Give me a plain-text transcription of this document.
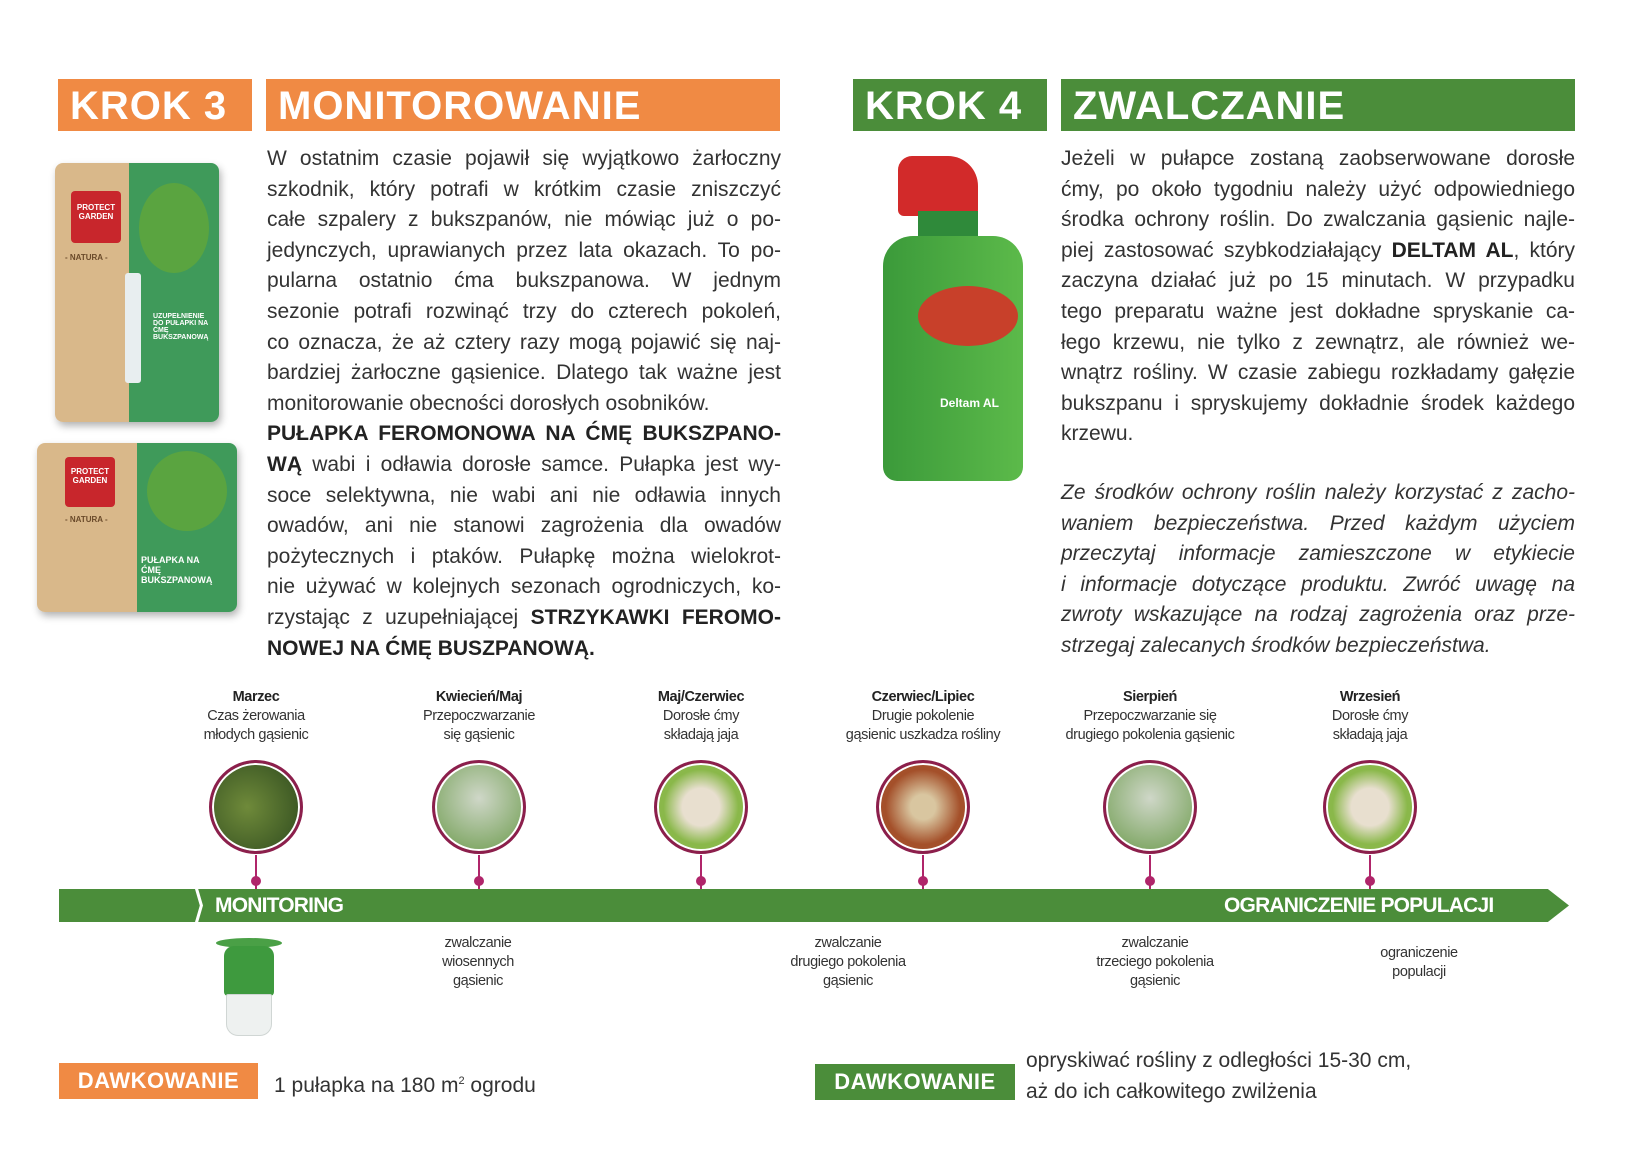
KROK 3	MONITOROWANIE	KROK 4	ZWALCZANIE
W ostatnim czasie pojawił się wyjątkowo żarłoczny
szkodnik, który potrafi w krótkim czasie zniszczyć
całe szpalery z bukszpanów, nie mówiąc już o po-
jedynczych, uprawianych przez lata okazach. To po-
pularna ostatnio ćma bukszpanowa. W jednym
sezonie potrafi rozwinąć trzy do czterech pokoleń,
co oznacza, że aż cztery razy mogą pojawić się naj-
bardziej żarłoczne gąsienice. Dlatego tak ważne jest
monitorowanie obecności dorosłych osobników.
PUŁAPKA FEROMONOWA NA ĆMĘ BUKSZPANO-
WĄ wabi i odławia dorosłe samce. Pułapka jest wy-
soce selektywna, nie wabi ani nie odławia innych
owadów, ani nie stanowi zagrożenia dla owadów
pożytecznych i ptaków. Pułapkę można wielokrot-
nie używać w kolejnych sezonach ogrodniczych, ko-
rzystając z uzupełniającej STRZYKAWKI FEROMO-
NOWEJ NA ĆMĘ BUSZPANOWĄ.
Jeżeli w pułapce zostaną zaobserwowane dorosłe
ćmy, po około tygodniu należy użyć odpowiedniego
środka ochrony roślin. Do zwalczania gąsienic najle-
piej zastosować szybkodziałający DELTAM AL, który
zaczyna działać już po 15 minutach. W przypadku
tego preparatu ważne jest dokładne spryskanie ca-
łego krzewu, nie tylko z zewnątrz, ale również we-
wnątrz rośliny. W czasie zabiegu rozkładamy gałęzie
bukszpanu i spryskujemy dokładnie środek każdego
krzewu.
Ze środków ochrony roślin należy korzystać z zacho-
waniem bezpieczeństwa. Przed każdym użyciem
przeczytaj informacje zamieszczone w etykiecie
i informacje dotyczące produktu. Zwróć uwagę na
zwroty wskazujące na rodzaj zagrożenia oraz prze-
strzegaj zalecanych środków bezpieczeństwa.
PROTECT GARDEN
- NATURA -
UZUPEŁNIENIE DO PUŁAPKI NA ĆMĘ BUKSZPANOWĄ
PROTECT GARDEN
- NATURA -
PUŁAPKA NA ĆMĘ BUKSZPANOWĄ
Deltam AL
Marzec
Czas żerowania
młodych gąsienic
Kwiecień/Maj
Przepoczwarzanie
się gąsienic
Maj/Czerwiec
Dorosłe ćmy
składają jaja
Czerwiec/Lipiec
Drugie pokolenie
gąsienic uszkadza rośliny
Sierpień
Przepoczwarzanie się
drugiego pokolenia gąsienic
Wrzesień
Dorosłe ćmy
składają jaja
zwalczanie
wiosennych
gąsienic
zwalczanie
drugiego pokolenia
gąsienic
zwalczanie
trzeciego pokolenia
gąsienic
ograniczenie
populacji
MONITORING	OGRANICZENIE POPULACJI
DAWKOWANIE	1 pułapka na 180 $m^2$ ogrodu	DAWKOWANIE
opryskiwać rośliny z odległości 15-30 cm,
aż do ich całkowitego zwilżenia
